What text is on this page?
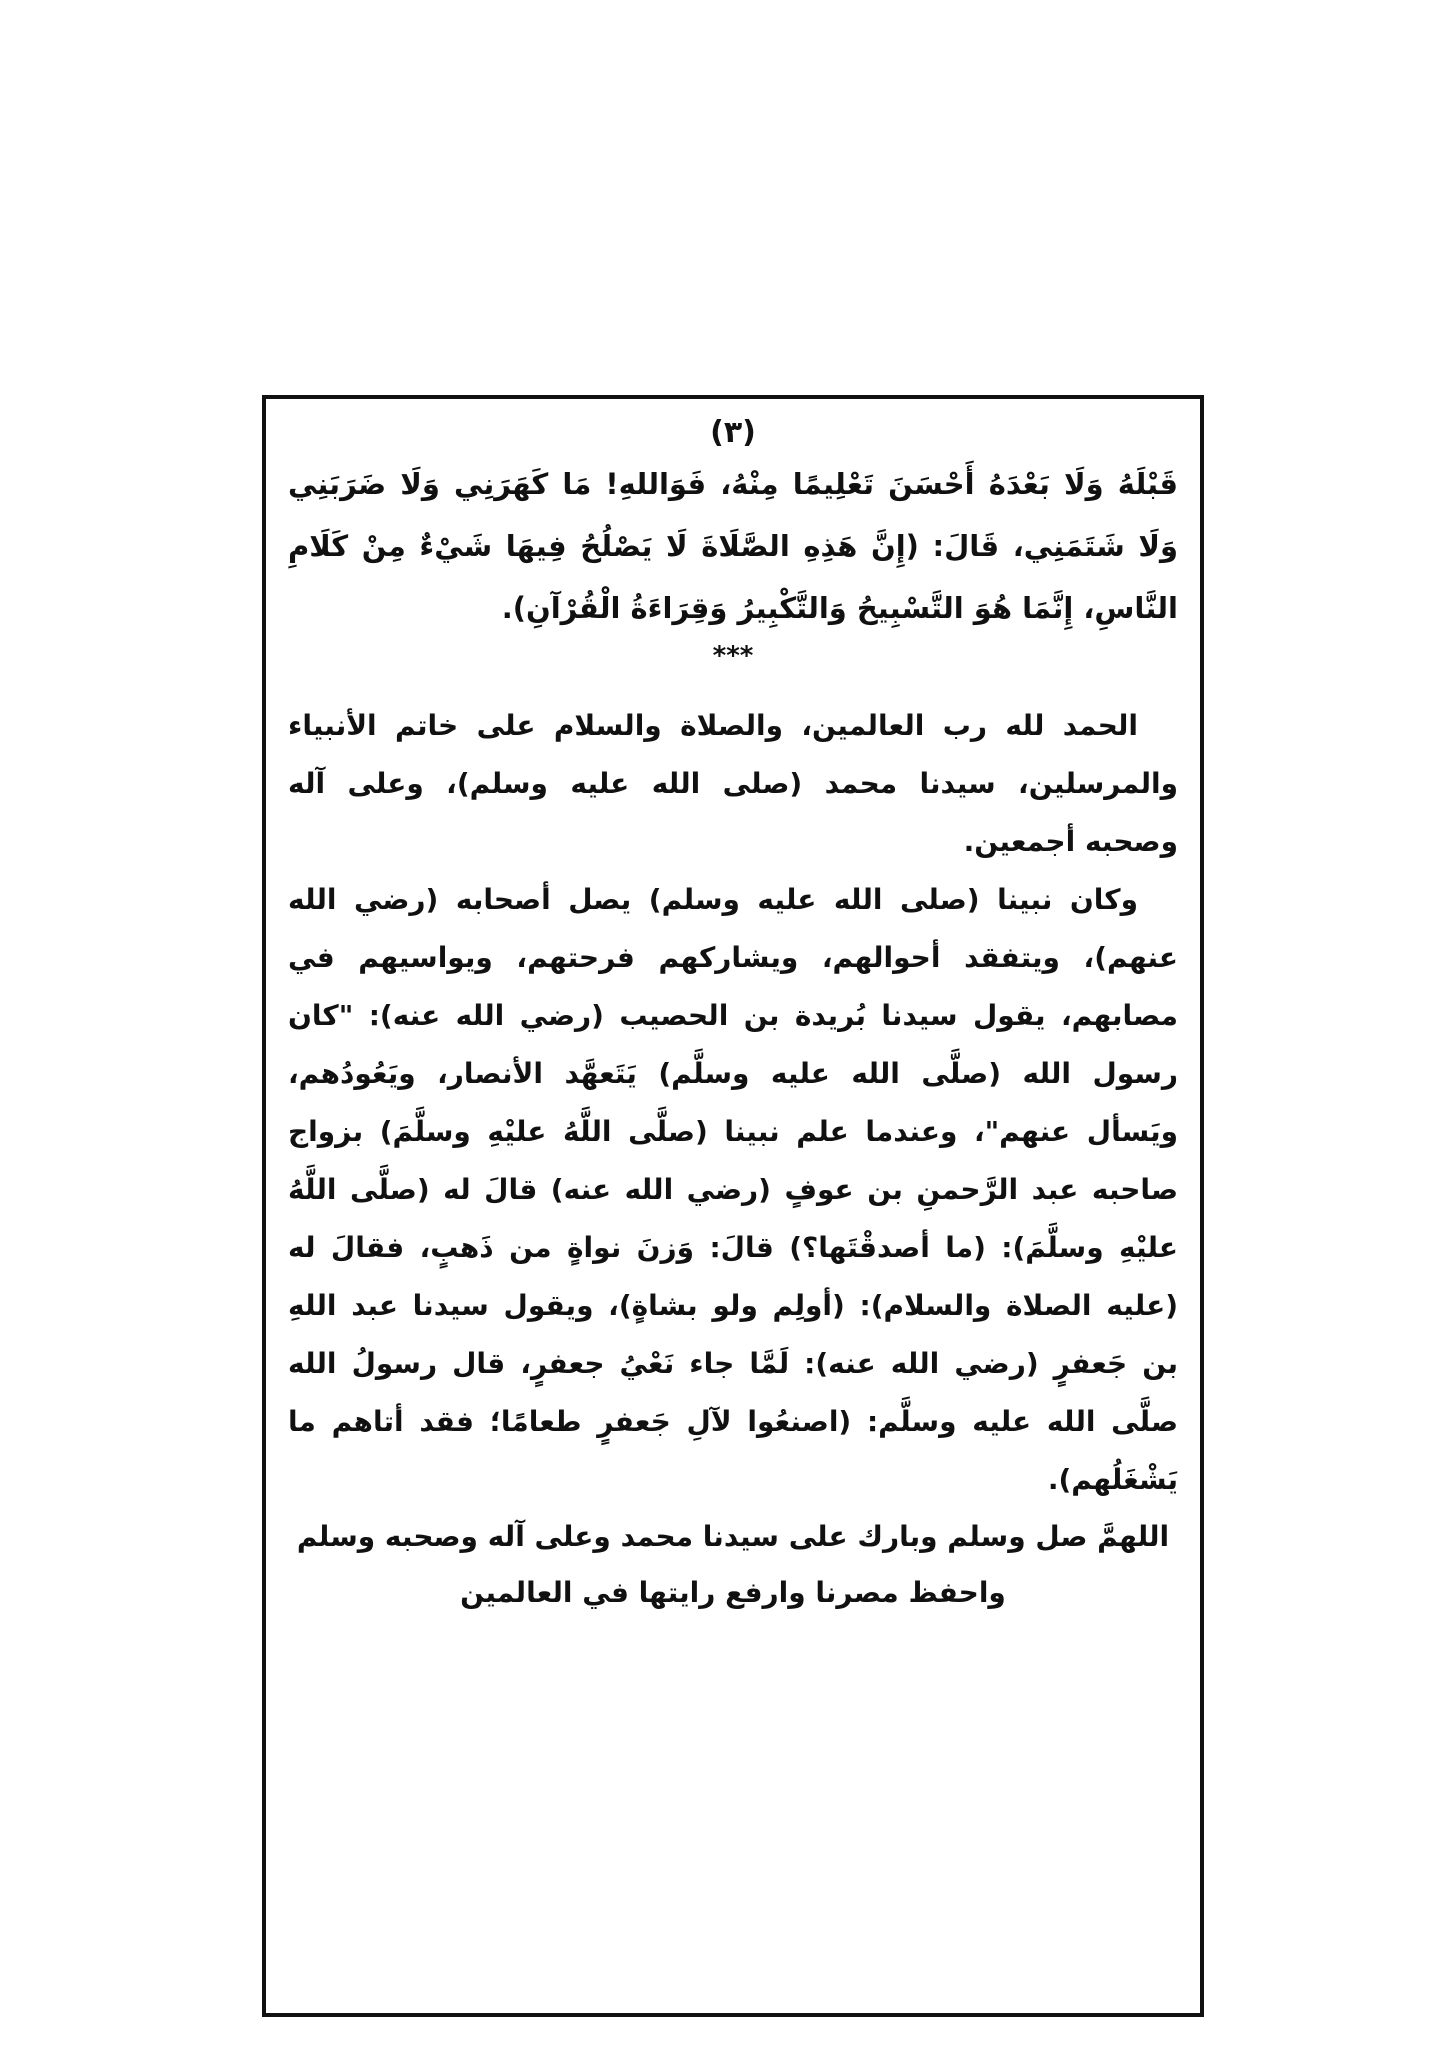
(٣)

قَبْلَهُ وَلَا بَعْدَهُ أَحْسَنَ تَعْلِيمًا مِنْهُ، فَوَاللهِ! مَا كَهَرَنِي وَلَا ضَرَبَنِي وَلَا شَتَمَنِي، قَالَ: (إِنَّ هَذِهِ الصَّلَاةَ لَا يَصْلُحُ فِيهَا شَيْءٌ مِنْ كَلَامِ النَّاسِ، إِنَّمَا هُوَ التَّسْبِيحُ وَالتَّكْبِيرُ وَقِرَاءَةُ الْقُرْآنِ).

***

الحمد لله رب العالمين، والصلاة والسلام على خاتم الأنبياء والمرسلين، سيدنا محمد (صلى الله عليه وسلم)، وعلى آله وصحبه أجمعين.

وكان نبينا (صلى الله عليه وسلم) يصل أصحابه (رضي الله عنهم)، ويتفقد أحوالهم، ويشاركهم فرحتهم، ويواسيهم في مصابهم، يقول سيدنا بُريدة بن الحصيب (رضي الله عنه): "كان رسول الله (صلَّى الله عليه وسلَّم) يَتَعهَّد الأنصار، ويَعُودُهم، ويَسأل عنهم"، وعندما علم نبينا (صلَّى اللَّهُ عليْهِ وسلَّمَ) بزواج صاحبه عبد الرَّحمنِ بن عوفٍ (رضي الله عنه) قالَ له (صلَّى اللَّهُ عليْهِ وسلَّمَ): (ما أصدقْتَها؟) قالَ: وَزنَ نواةٍ من ذَهبٍ، فقالَ له (عليه الصلاة والسلام): (أولِم ولو بشاةٍ)، ويقول سيدنا عبد اللهِ بن جَعفرٍ (رضي الله عنه): لَمَّا جاء نَعْيُ جعفرٍ، قال رسولُ الله صلَّى الله عليه وسلَّم: (اصنعُوا لآلِ جَعفرٍ طعامًا؛ فقد أتاهم ما يَشْغَلُهم).

اللهمَّ صل وسلم وبارك على سيدنا محمد وعلى آله وصحبه وسلم

واحفظ مصرنا وارفع رايتها في العالمين
